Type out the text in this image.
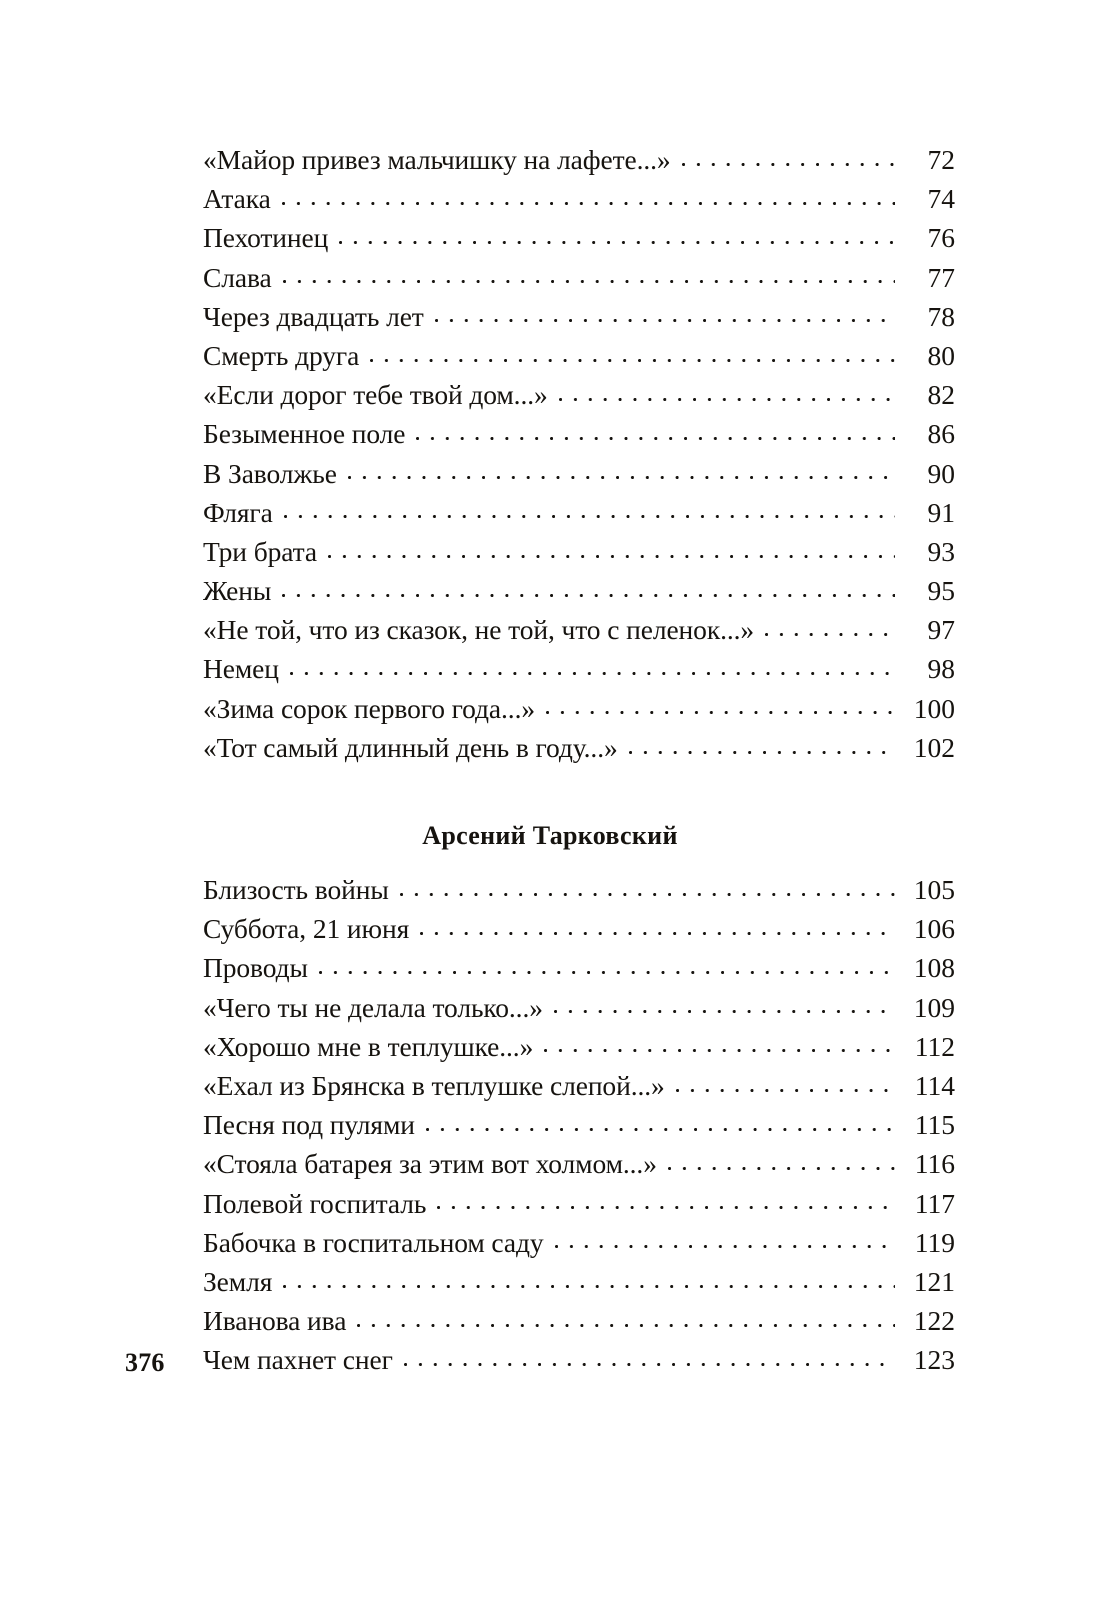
«Майор привез мальчишку на лафете...»	72
Атака	74
Пехотинец	76
Слава	77
Через двадцать лет	78
Смерть друга	80
«Если дорог тебе твой дом...»	82
Безыменное поле	86
В Заволжье	90
Фляга	91
Три брата	93
Жены	95
«Не той, что из сказок, не той, что с пеленок...»	97
Немец	98
«Зима сорок первого года...»	100
«Тот самый длинный день в году...»	102
Арсений Тарковский
Близость войны	105
Суббота, 21 июня	106
Проводы	108
«Чего ты не делала только...»	109
«Хорошо мне в теплушке...»	112
«Ехал из Брянска в теплушке слепой...»	114
Песня под пулями	115
«Стояла батарея за этим вот холмом...»	116
Полевой госпиталь	117
Бабочка в госпитальном саду	119
Земля	121
Иванова ива	122
Чем пахнет снег	123
376
